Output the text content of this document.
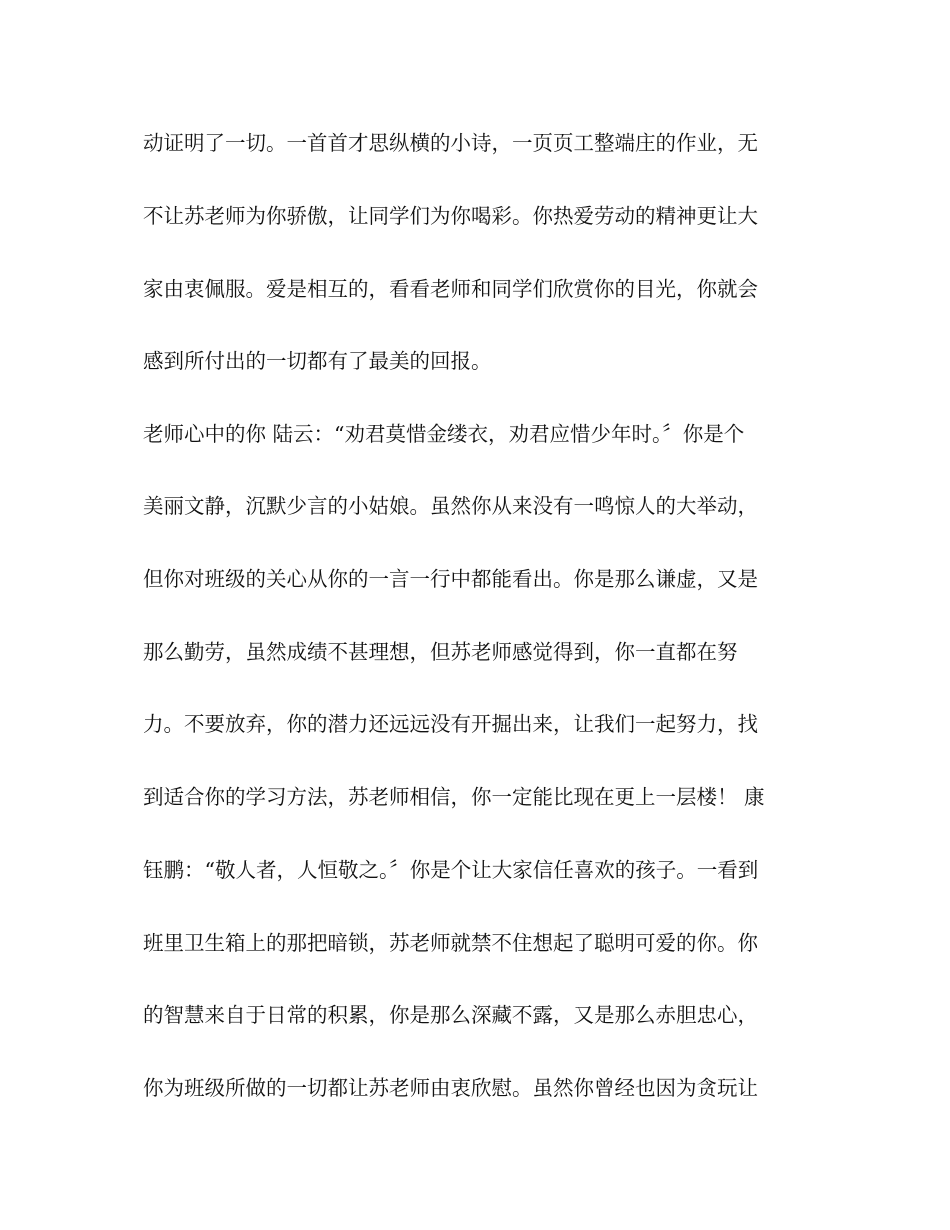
动证明了一切。一首首才思纵横的小诗，一页页工整端庄的作业，无
不让苏老师为你骄傲，让同学们为你喝彩。你热爱劳动的精神更让大
家由衷佩服。爱是相互的，看看老师和同学们欣赏你的目光，你就会
感到所付出的一切都有了最美的回报。
老师心中的你 陆云：“劝君莫惜金缕衣，劝君应惜少年时。〞你是个
美丽文静，沉默少言的小姑娘。虽然你从来没有一鸣惊人的大举动，
但你对班级的关心从你的一言一行中都能看出。你是那么谦虚，又是
那么勤劳，虽然成绩不甚理想，但苏老师感觉得到，你一直都在努
力。不要放弃，你的潜力还远远没有开掘出来，让我们一起努力，找
到适合你的学习方法，苏老师相信，你一定能比现在更上一层楼！ 康
钰鹏：“敬人者，人恒敬之。〞你是个让大家信任喜欢的孩子。一看到
班里卫生箱上的那把暗锁，苏老师就禁不住想起了聪明可爱的你。你
的智慧来自于日常的积累，你是那么深藏不露，又是那么赤胆忠心，
你为班级所做的一切都让苏老师由衷欣慰。虽然你曾经也因为贪玩让
